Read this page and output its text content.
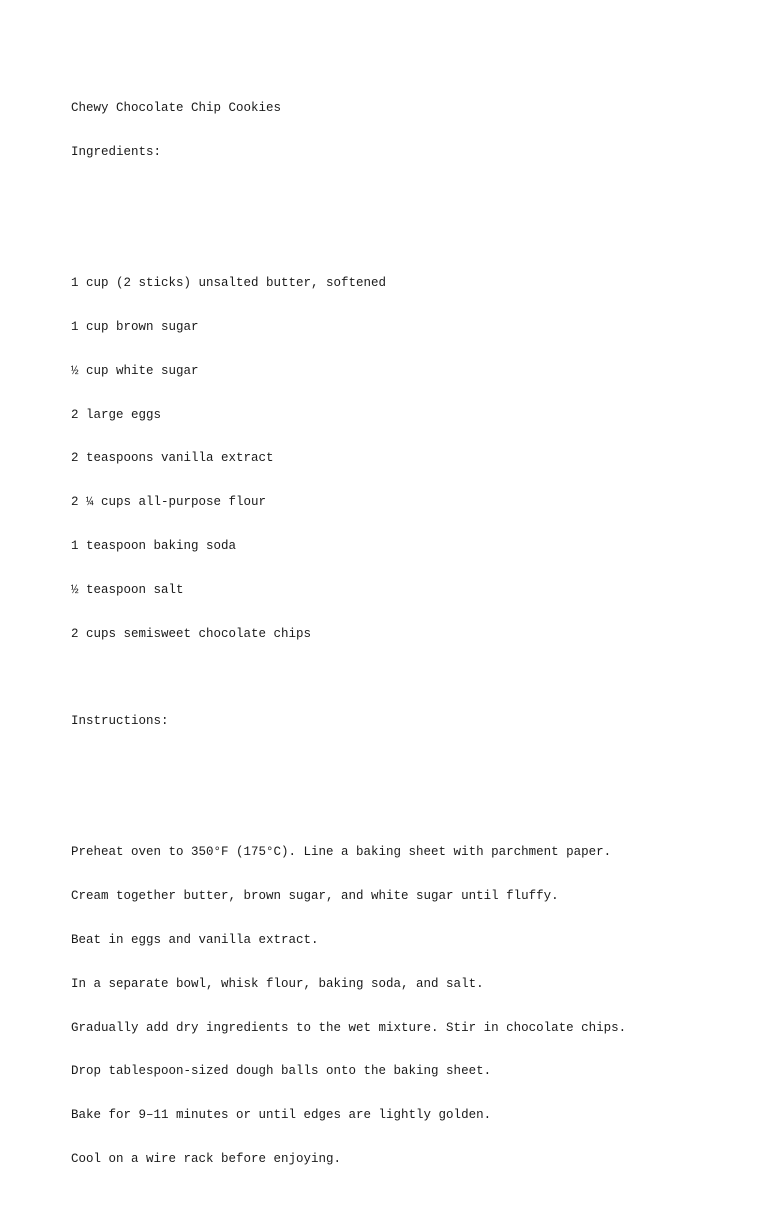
Chewy Chocolate Chip Cookies

Ingredients:

1 cup (2 sticks) unsalted butter, softened

1 cup brown sugar

½ cup white sugar

2 large eggs

2 teaspoons vanilla extract

2 ¼ cups all-purpose flour

1 teaspoon baking soda

½ teaspoon salt

2 cups semisweet chocolate chips

Instructions:

Preheat oven to 350°F (175°C). Line a baking sheet with parchment paper.

Cream together butter, brown sugar, and white sugar until fluffy.

Beat in eggs and vanilla extract.

In a separate bowl, whisk flour, baking soda, and salt.

Gradually add dry ingredients to the wet mixture. Stir in chocolate chips.

Drop tablespoon-sized dough balls onto the baking sheet.

Bake for 9–11 minutes or until edges are lightly golden.

Cool on a wire rack before enjoying.
